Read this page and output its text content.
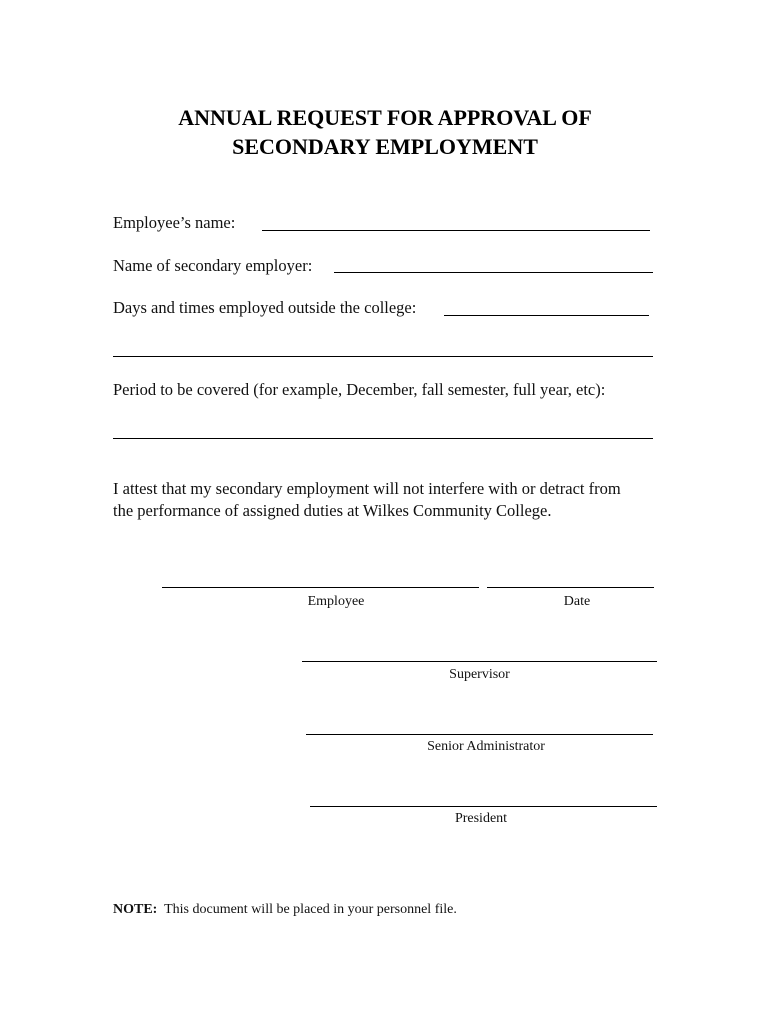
ANNUAL REQUEST FOR APPROVAL OF
SECONDARY EMPLOYMENT
Employee’s name:
Name of secondary employer:
Days and times employed outside the college:
Period to be covered (for example, December, fall semester, full year, etc):
I attest that my secondary employment will not interfere with or detract from
the performance of assigned duties at Wilkes Community College.
Employee	Date
Supervisor
Senior Administrator
President
NOTE: This document will be placed in your personnel file.
